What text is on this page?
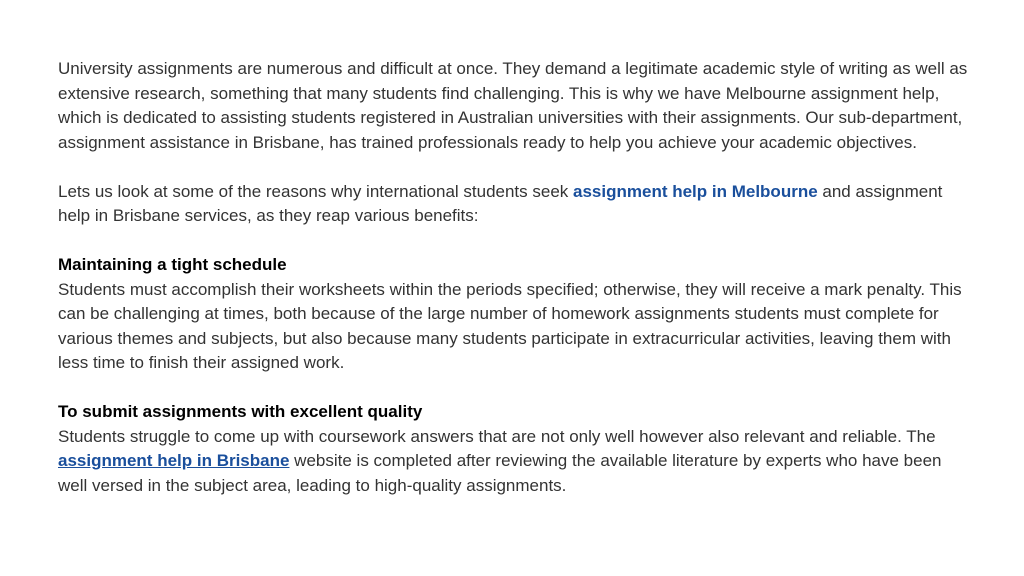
University assignments are numerous and difficult at once. They demand a legitimate academic style of writing as well as extensive research, something that many students find challenging. This is why we have Melbourne assignment help, which is dedicated to assisting students registered in Australian universities with their assignments. Our sub-department, assignment assistance in Brisbane, has trained professionals ready to help you achieve your academic objectives.

Lets us look at some of the reasons why international students seek assignment help in Melbourne and assignment help in Brisbane services, as they reap various benefits:

Maintaining a tight schedule
Students must accomplish their worksheets within the periods specified; otherwise, they will receive a mark penalty. This can be challenging at times, both because of the large number of homework assignments students must complete for various themes and subjects, but also because many students participate in extracurricular activities, leaving them with less time to finish their assigned work.

To submit assignments with excellent quality
Students struggle to come up with coursework answers that are not only well however also relevant and reliable. The assignment help in Brisbane website is completed after reviewing the available literature by experts who have been well versed in the subject area, leading to high-quality assignments.
